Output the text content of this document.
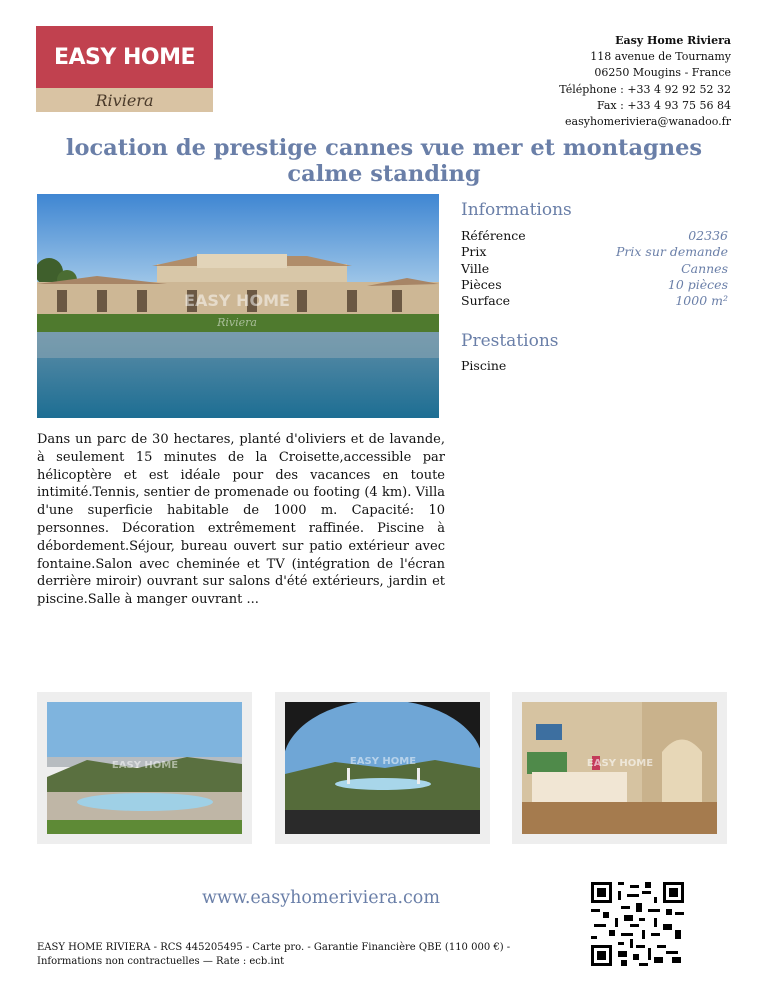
EASY HOME
Riviera
Easy Home Riviera
118 avenue de Tournamy
06250 Mougins - France
Téléphone : +33 4 92 92 52 32
Fax : +33 4 93 75 56 84
easyhomeriviera@wanadoo.fr
location de prestige cannes vue mer et montagnes calme standing
EASY HOME
Riviera
Informations
Référence	02336
Prix	Prix sur demande
Ville	Cannes
Pièces	10 pièces
Surface	1000 m²
Prestations
Piscine
Dans un parc de 30 hectares, planté d'oliviers et de lavande, à seulement 15 minutes de la Croisette,accessible par hélicoptère et est idéale pour des vacances en toute intimité.Tennis, sentier de promenade ou footing (4 km). Villa d'une superficie habitable de 1000 m. Capacité: 10 personnes. Décoration extrêmement raffinée. Piscine à débordement.Séjour, bureau ouvert sur patio extérieur avec fontaine.Salon avec cheminée et TV (intégration de l'écran derrière miroir) ouvrant sur salons d'été extérieurs, jardin et piscine.Salle à manger ouvrant ...
EASY HOME	EASY HOME	EASY HOME
www.easyhomeriviera.com
EASY HOME RIVIERA - RCS 445205495 - Carte pro. - Garantie Financière QBE (110 000 €) -
Informations non contractuelles — Rate : ecb.int
